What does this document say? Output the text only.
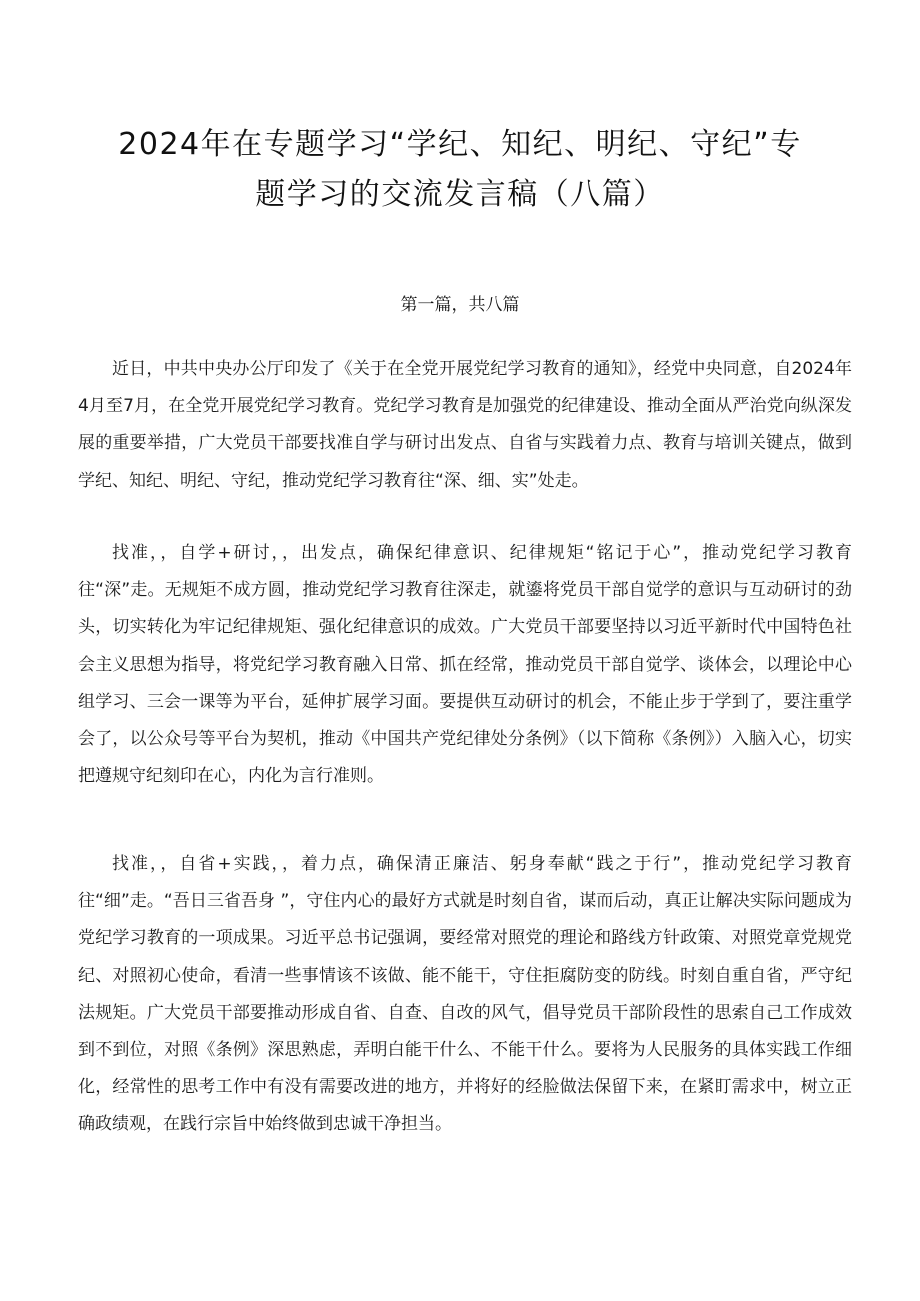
2024年在专题学习“学纪、知纪、明纪、守纪”专
题学习的交流发言稿（八篇）
第一篇，共八篇

近日，中共中央办公厅印发了《关于在全党开展党纪学习教育的通知》，经党中央同意，自2024年4月至7月，在全党开展党纪学习教育。党纪学习教育是加强党的纪律建设、推动全面从严治党向纵深发展的重要举措，广大党员干部要找准自学与研讨出发点、自省与实践着力点、教育与培训关键点，做到学纪、知纪、明纪、守纪，推动党纪学习教育往“深、细、实”处走。

找准，，自学+研讨，，出发点，确保纪律意识、纪律规矩“铭记于心”，推动党纪学习教育往“深”走。无规矩不成方圆，推动党纪学习教育往深走，就鎏将党员干部自觉学的意识与互动研讨的劲头，切实转化为牢记纪律规矩、强化纪律意识的成效。广大党员干部要坚持以习近平新时代中国特色社会主义思想为指导，将党纪学习教育融入日常、抓在经常，推动党员干部自觉学、谈体会，以理论中心组学习、三会一课等为平台，延伸扩展学习面。要提供互动研讨的机会，不能止步于学到了，要注重学会了，以公众号等平台为契机，推动《中国共产党纪律处分条例》（以下简称《条例》）入脑入心，切实把遵规守纪刻印在心，内化为言行准则。

找准，，自省+实践，，着力点，确保清正廉洁、躬身奉献“践之于行”，推动党纪学习教育往“细”走。“吾日三省吾身 ”，守住内心的最好方式就是时刻自省，谋而后动，真正让解决实际问题成为党纪学习教育的一项成果。习近平总书记强调，要经常对照党的理论和路线方针政策、对照党章党规党纪、对照初心使命，看清一些事情该不该做、能不能干，守住拒腐防变的防线。时刻自重自省，严守纪法规矩。广大党员干部要推动形成自省、自查、自改的风气，倡导党员干部阶段性的思索自己工作成效到不到位，对照《条例》深思熟虑，弄明白能干什么、不能干什么。要将为人民服务的具体实践工作细化，经常性的思考工作中有没有需要改进的地方，并将好的经脸做法保留下来，在紧盯需求中，树立正确政绩观，在践行宗旨中始终做到忠诚干净担当。
